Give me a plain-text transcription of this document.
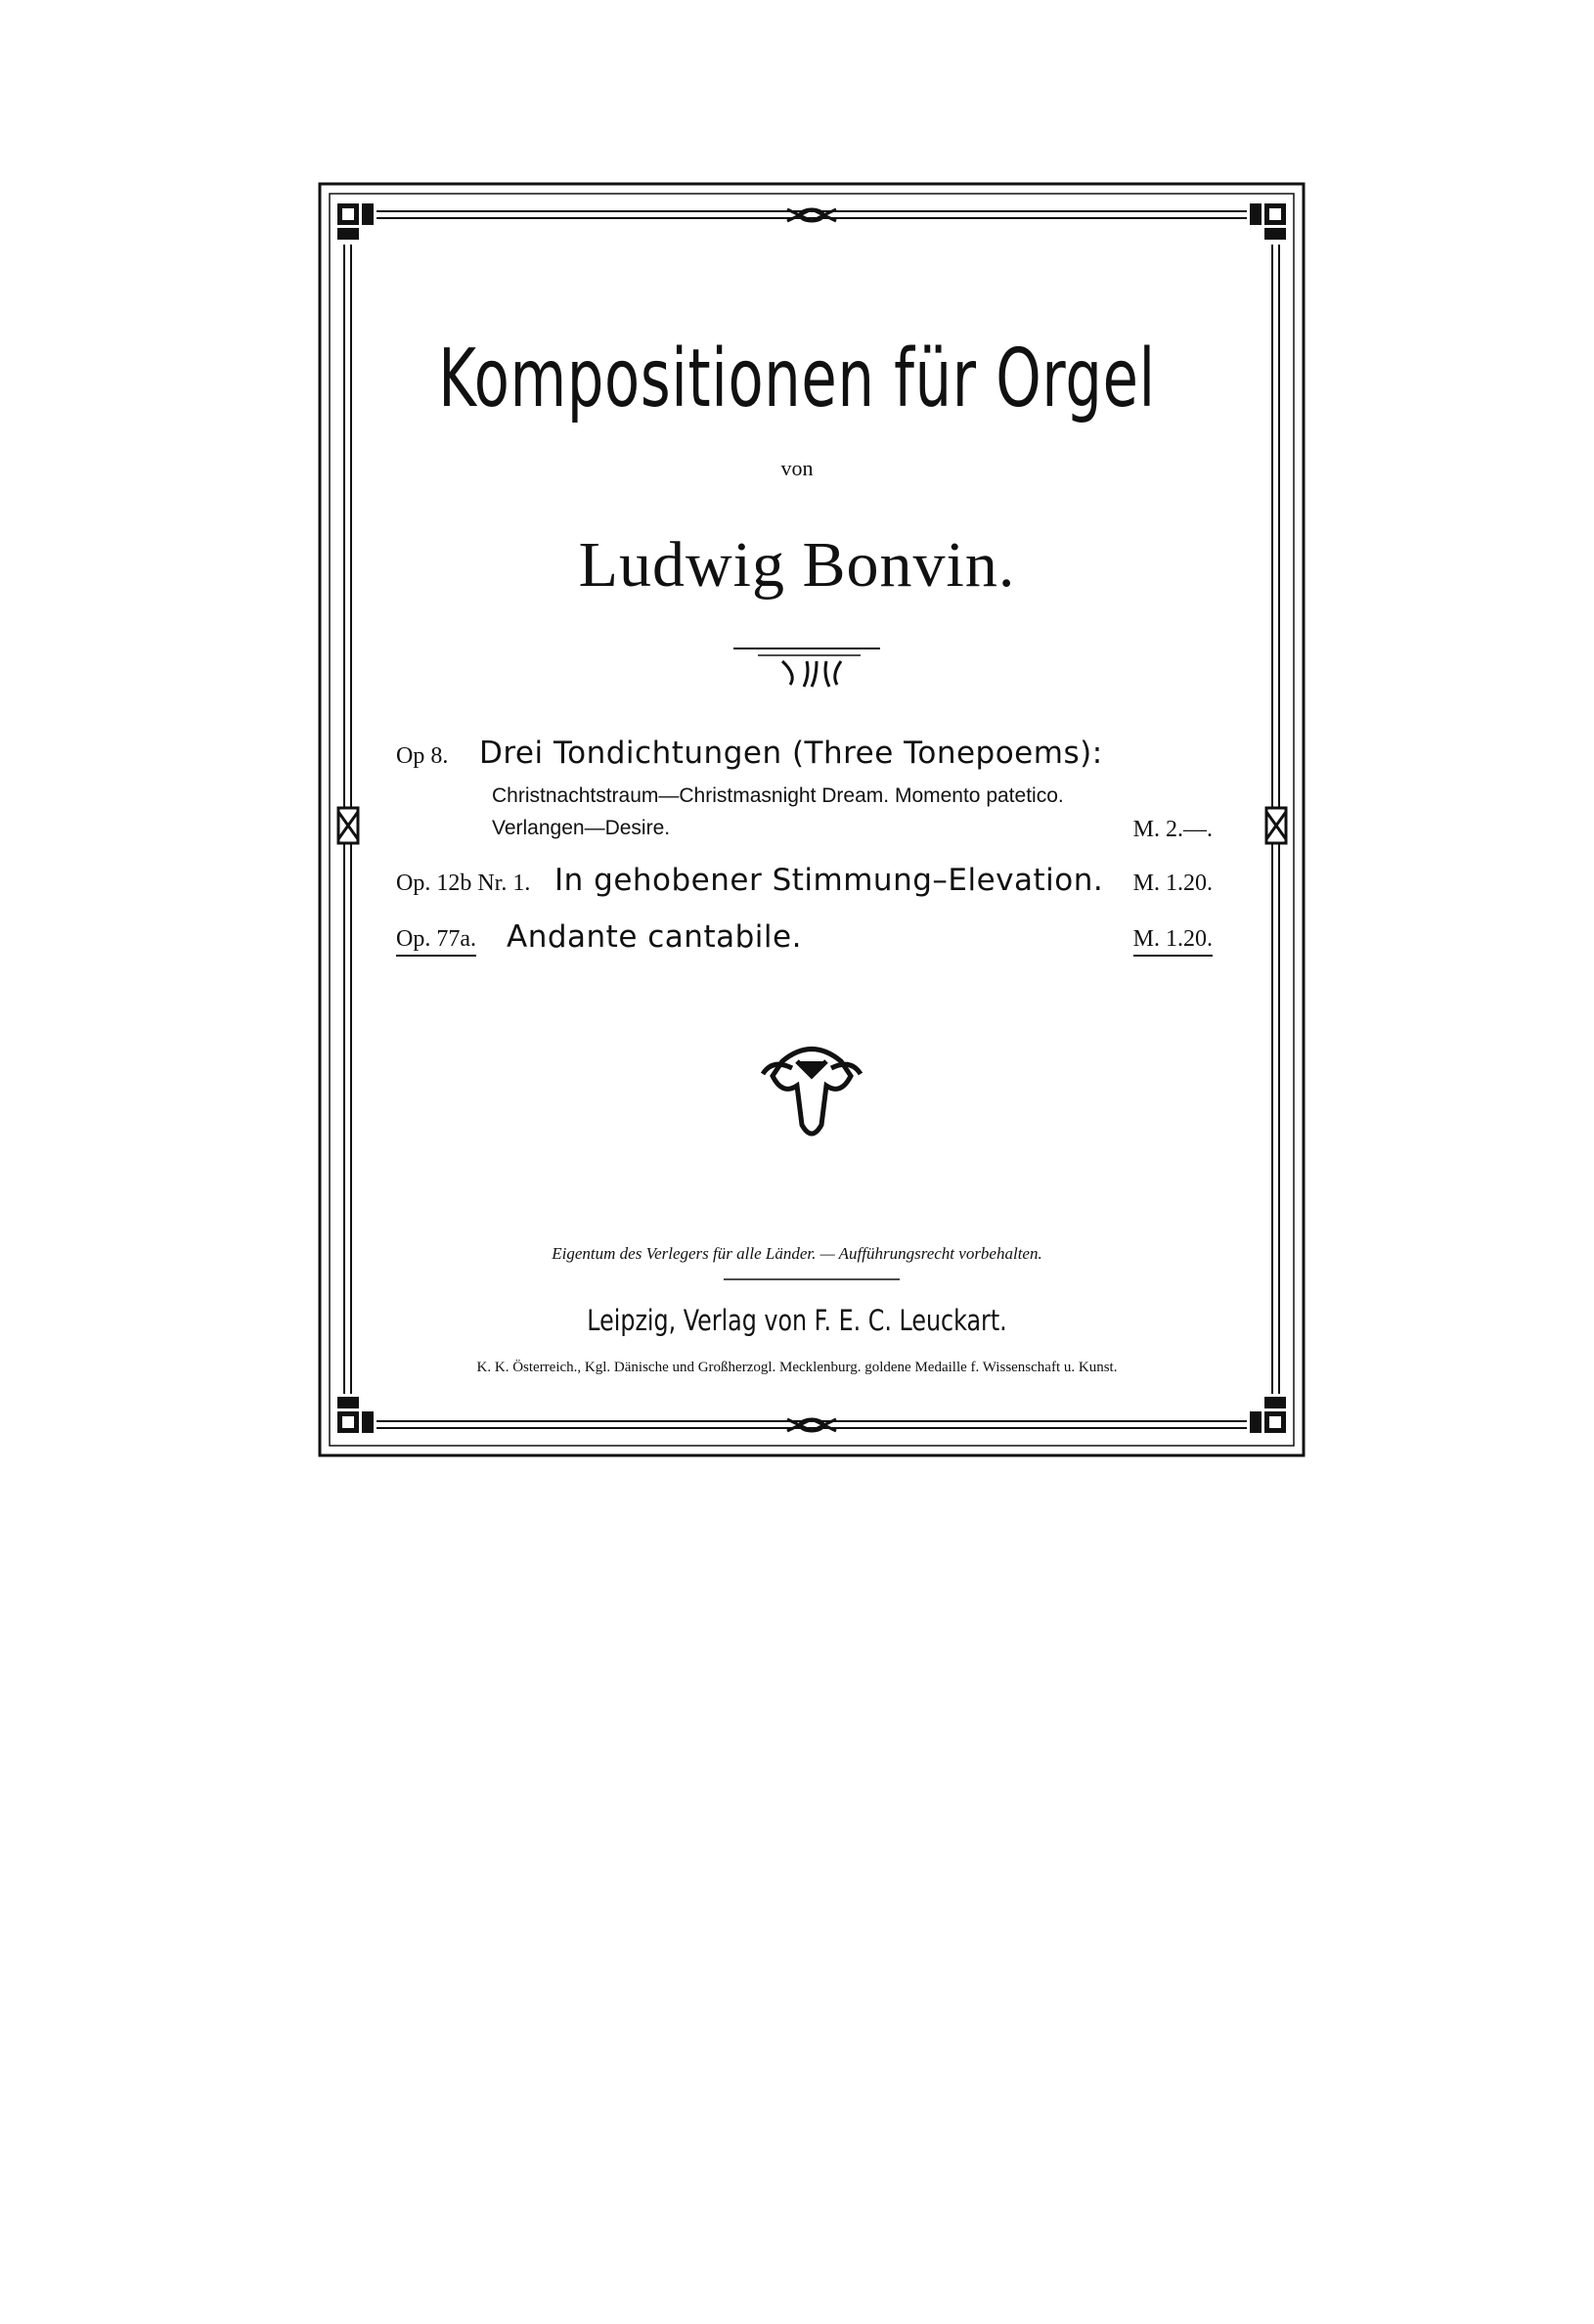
Kompositionen für Orgel
von
Ludwig Bonvin.
Op 8. Drei Tondichtungen (Three Tonepoems):
Christnachtstraum—Christmasnight Dream. Momento patetico.
Verlangen—Desire.	M. 2.—.
Op. 12b Nr. 1. In gehobener Stimmung–Elevation.	M. 1.20.
Op. 77a. Andante cantabile.	M. 1.20.
Eigentum des Verlegers für alle Länder. — Aufführungsrecht vorbehalten.
Leipzig, Verlag von F. E. C. Leuckart.
K. K. Österreich., Kgl. Dänische und Großherzogl. Mecklenburg. goldene Medaille f. Wissenschaft u. Kunst.
